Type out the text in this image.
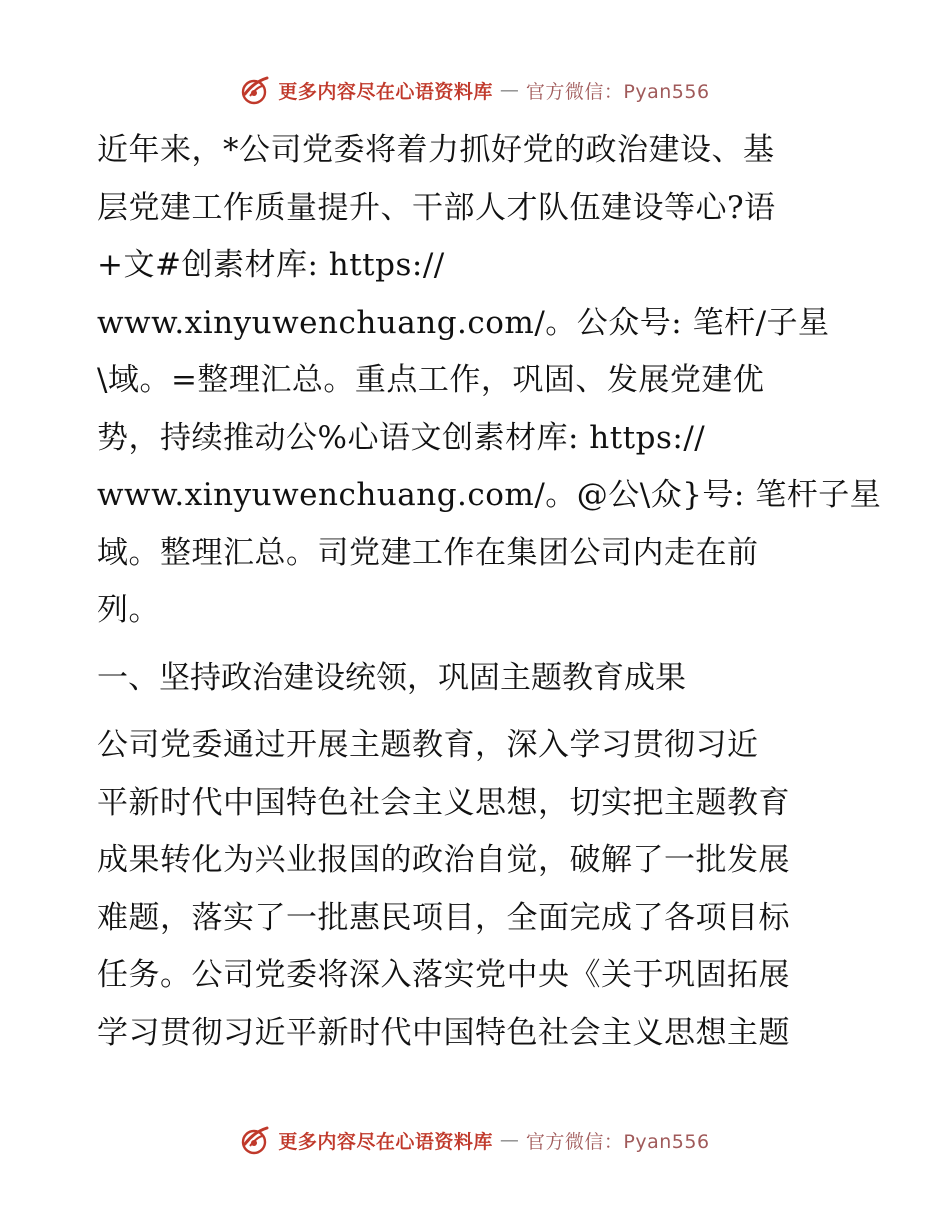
更多内容尽在心语资料库 — 官方微信：Pyan556
近年来，*公司党委将着力抓好党的政治建设、基
层党建工作质量提升、干部人才队伍建设等心?语
+文#创素材库: https://
www.xinyuwenchuang.com/。公众号: 笔杆/子星
\域。=整理汇总。重点工作，巩固、发展党建优
势，持续推动公%心语文创素材库: https://
www.xinyuwenchuang.com/。@公\众}号: 笔杆子星
域。整理汇总。司党建工作在集团公司内走在前
列。
一、坚持政治建设统领，巩固主题教育成果
公司党委通过开展主题教育，深入学习贯彻习近
平新时代中国特色社会主义思想，切实把主题教育
成果转化为兴业报国的政治自觉，破解了一批发展
难题，落实了一批惠民项目，全面完成了各项目标
任务。公司党委将深入落实党中央《关于巩固拓展
学习贯彻习近平新时代中国特色社会主义思想主题
更多内容尽在心语资料库 — 官方微信：Pyan556
